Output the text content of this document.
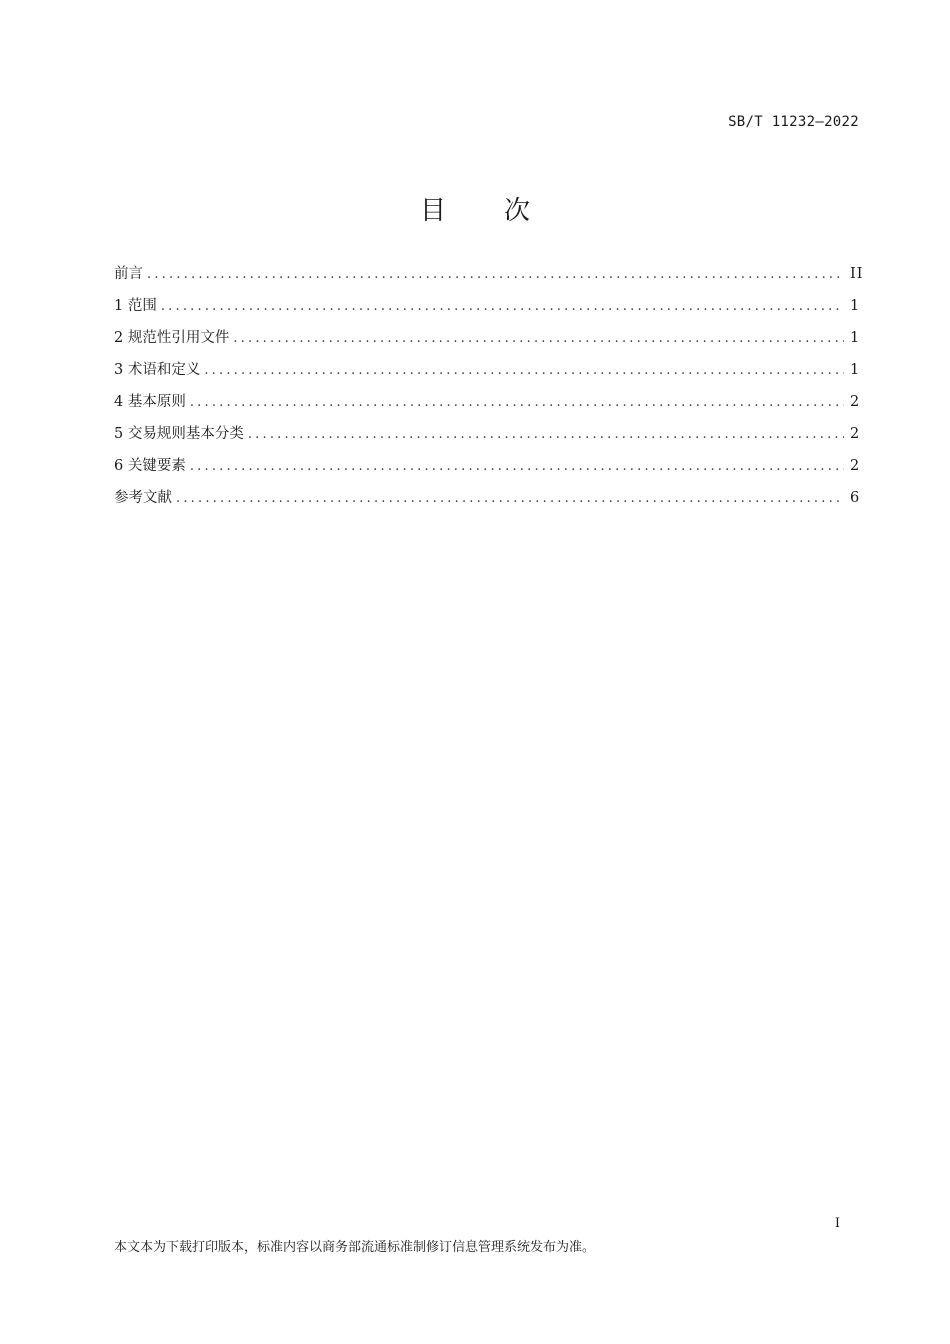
SB/T 11232—2022
目 次
前言 .....	II
1 范围 .....	1
2 规范性引用文件 .....	1
3 术语和定义 .....	1
4 基本原则 .....	2
5 交易规则基本分类 .....	2
6 关键要素 .....	2
参考文献 .....	6
I
本文本为下载打印版本，标准内容以商务部流通标准制修订信息管理系统发布为准。
